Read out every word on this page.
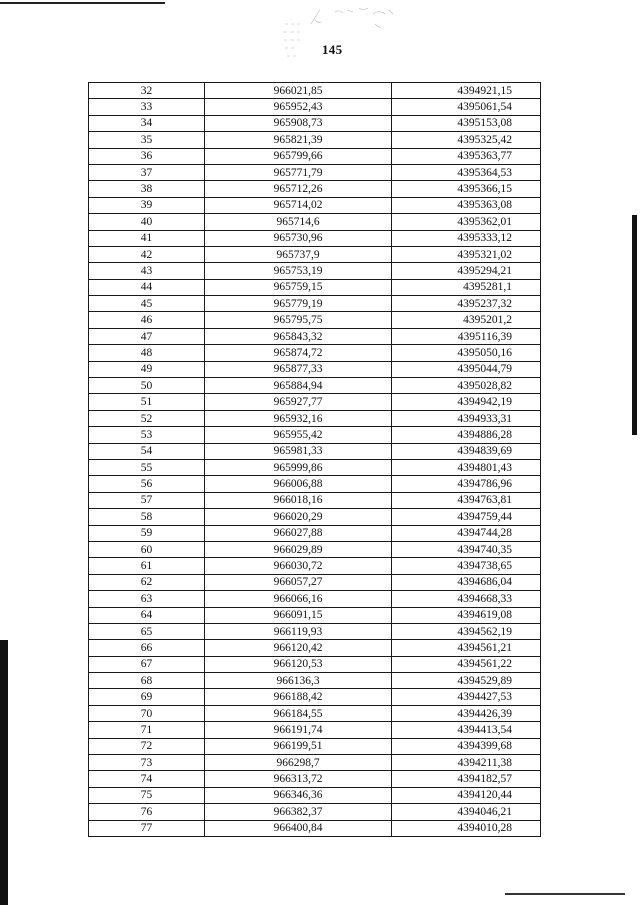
145
32	966021,85	4394921,15
33	965952,43	4395061,54
34	965908,73	4395153,08
35	965821,39	4395325,42
36	965799,66	4395363,77
37	965771,79	4395364,53
38	965712,26	4395366,15
39	965714,02	4395363,08
40	965714,6	4395362,01
41	965730,96	4395333,12
42	965737,9	4395321,02
43	965753,19	4395294,21
44	965759,15	4395281,1
45	965779,19	4395237,32
46	965795,75	4395201,2
47	965843,32	4395116,39
48	965874,72	4395050,16
49	965877,33	4395044,79
50	965884,94	4395028,82
51	965927,77	4394942,19
52	965932,16	4394933,31
53	965955,42	4394886,28
54	965981,33	4394839,69
55	965999,86	4394801,43
56	966006,88	4394786,96
57	966018,16	4394763,81
58	966020,29	4394759,44
59	966027,88	4394744,28
60	966029,89	4394740,35
61	966030,72	4394738,65
62	966057,27	4394686,04
63	966066,16	4394668,33
64	966091,15	4394619,08
65	966119,93	4394562,19
66	966120,42	4394561,21
67	966120,53	4394561,22
68	966136,3	4394529,89
69	966188,42	4394427,53
70	966184,55	4394426,39
71	966191,74	4394413,54
72	966199,51	4394399,68
73	966298,7	4394211,38
74	966313,72	4394182,57
75	966346,36	4394120,44
76	966382,37	4394046,21
77	966400,84	4394010,28
